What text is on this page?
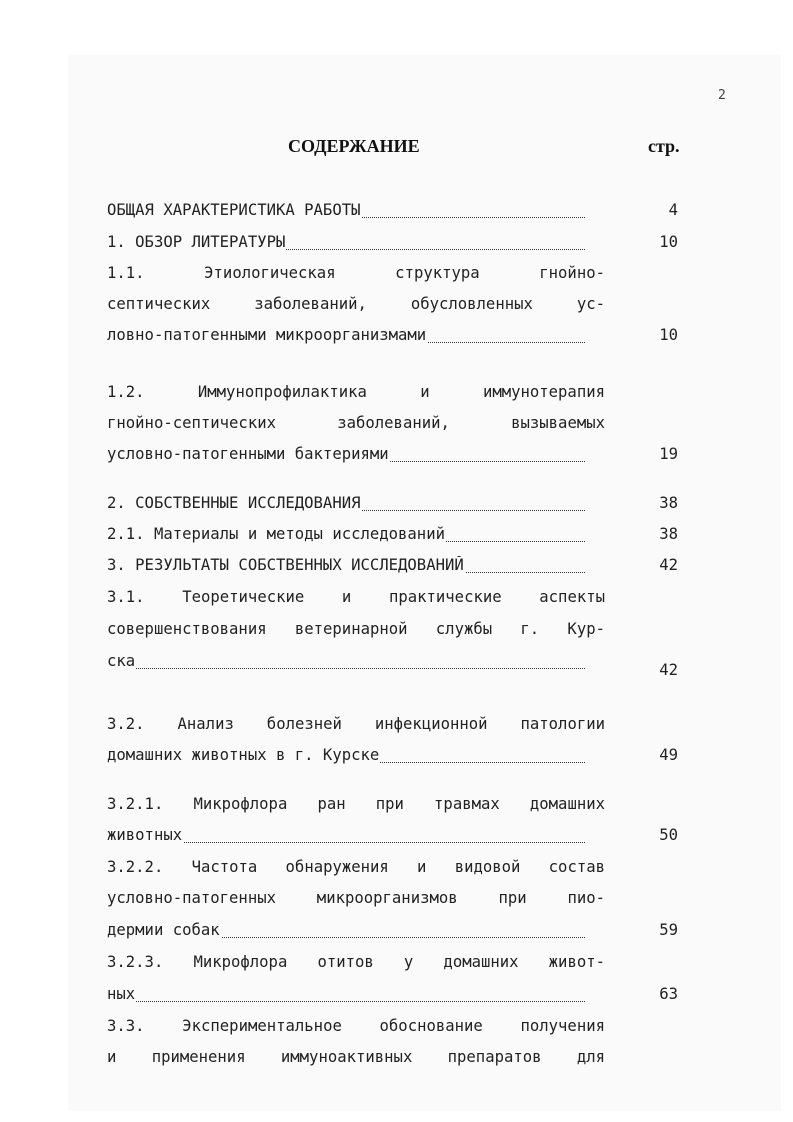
2
СОДЕРЖАНИЕ	стр.
ОБЩАЯ ХАРАКТЕРИСТИКА РАБОТЫ	4
1. ОБЗОР ЛИТЕРАТУРЫ	10
1.1. Этиологическая структура гнойно-
септических заболеваний, обусловленных ус-
ловно-патогенными микроорганизмами	10
1.2. Иммунопрофилактика и иммунотерапия
гнойно-септических заболеваний, вызываемых
условно-патогенными бактериями	19
2. СОБСТВЕННЫЕ ИССЛЕДОВАНИЯ	38
2.1. Материалы и методы исследований	38
3. РЕЗУЛЬТАТЫ СОБСТВЕННЫХ ИССЛЕДОВАНИЙ	42
3.1. Теоретические и практические аспекты
совершенствования ветеринарной службы г. Кур-
ска	42
3.2. Анализ болезней инфекционной патологии
домашних животных в г. Курске	49
3.2.1. Микрофлора ран при травмах домашних
животных	50
3.2.2. Частота обнаружения и видовой состав
условно-патогенных микроорганизмов при пио-
дермии собак	59
3.2.3. Микрофлора отитов у домашних живот-
ных	63
3.3. Экспериментальное обоснование получения
и применения иммуноактивных препаратов для
